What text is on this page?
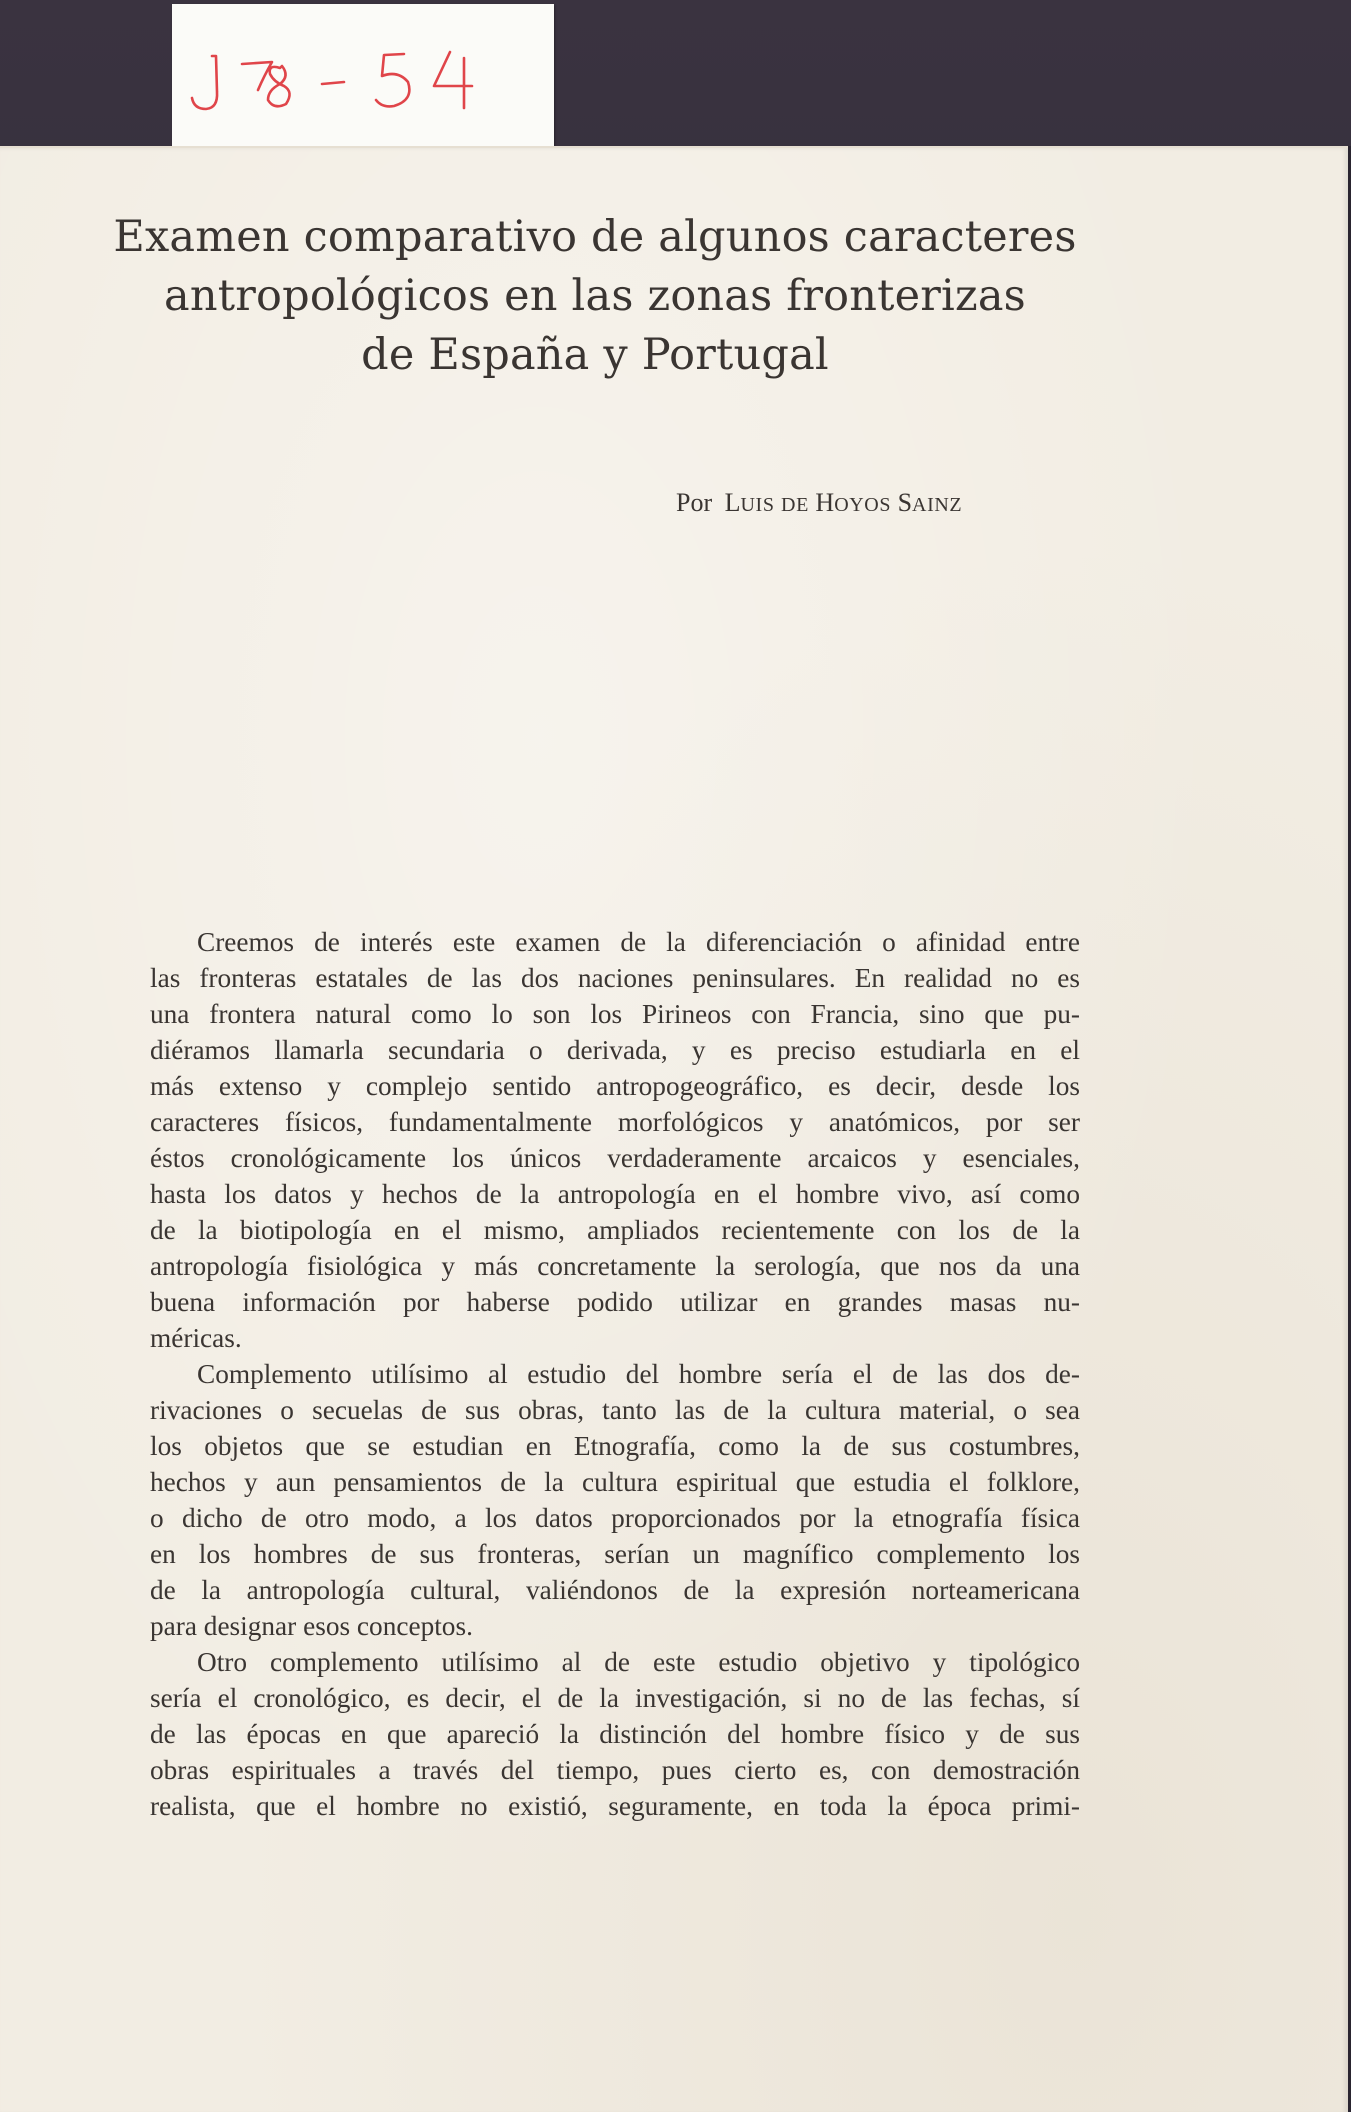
Examen comparativo de algunos caracteres
antropológicos en las zonas fronterizas
de España y Portugal

Por LUIS DE HOYOS SAINZ

Creemos de interés este examen de la diferenciación o afinidad entre
las fronteras estatales de las dos naciones peninsulares. En realidad no es
una frontera natural como lo son los Pirineos con Francia, sino que pu-
diéramos llamarla secundaria o derivada, y es preciso estudiarla en el
más extenso y complejo sentido antropogeográfico, es decir, desde los
caracteres físicos, fundamentalmente morfológicos y anatómicos, por ser
éstos cronológicamente los únicos verdaderamente arcaicos y esenciales,
hasta los datos y hechos de la antropología en el hombre vivo, así como
de la biotipología en el mismo, ampliados recientemente con los de la
antropología fisiológica y más concretamente la serología, que nos da una
buena información por haberse podido utilizar en grandes masas nu-
méricas.

Complemento utilísimo al estudio del hombre sería el de las dos de-
rivaciones o secuelas de sus obras, tanto las de la cultura material, o sea
los objetos que se estudian en Etnografía, como la de sus costumbres,
hechos y aun pensamientos de la cultura espiritual que estudia el folklore,
o dicho de otro modo, a los datos proporcionados por la etnografía física
en los hombres de sus fronteras, serían un magnífico complemento los
de la antropología cultural, valiéndonos de la expresión norteamericana
para designar esos conceptos.

Otro complemento utilísimo al de este estudio objetivo y tipológico
sería el cronológico, es decir, el de la investigación, si no de las fechas, sí
de las épocas en que apareció la distinción del hombre físico y de sus
obras espirituales a través del tiempo, pues cierto es, con demostración
realista, que el hombre no existió, seguramente, en toda la época primi-
